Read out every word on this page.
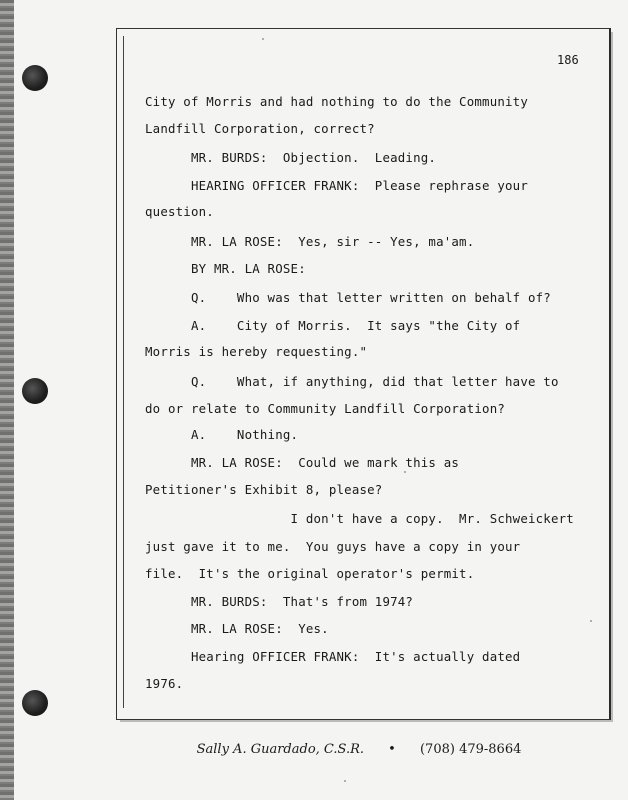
186
City of Morris and had nothing to do the Community
Landfill Corporation, correct?
MR. BURDS:  Objection.  Leading.
HEARING OFFICER FRANK:  Please rephrase your
question.
MR. LA ROSE:  Yes, sir -- Yes, ma'am.
BY MR. LA ROSE:
Q.    Who was that letter written on behalf of?
A.    City of Morris.  It says "the City of
Morris is hereby requesting."
Q.    What, if anything, did that letter have to
do or relate to Community Landfill Corporation?
A.    Nothing.
MR. LA ROSE:  Could we mark this as
Petitioner's Exhibit 8, please?
I don't have a copy.  Mr. Schweickert
just gave it to me.  You guys have a copy in your
file.  It's the original operator's permit.
MR. BURDS:  That's from 1974?
MR. LA ROSE:  Yes.
Hearing OFFICER FRANK:  It's actually dated
1976.
Sally A. Guardado, C.S.R. • (708) 479-8664
